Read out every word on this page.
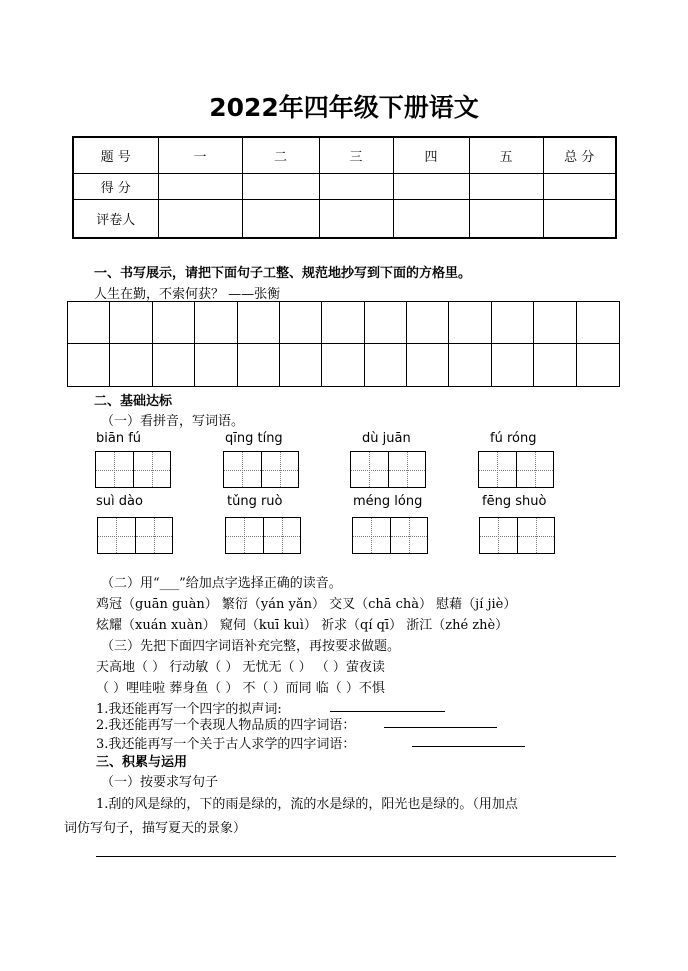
2022年四年级下册语文
题 号	一	二	三	四	五	总 分
得 分						
评卷人						
一、书写展示，请把下面句子工整、规范地抄写到下面的方格里。
人生在勤，不索何获？ ——张衡
二、基础达标
（一）看拼音，写词语。
biān fú	qīng tíng	dù juān	fú róng
suì dào	tǔng ruò	méng lóng	fēng shuò
（二）用“___”给加点字选择正确的读音。
鸡冠（guān guàn） 繁衍（yán yǎn） 交叉（chā chà） 慰藉（jí jiè）
炫耀（xuán xuàn） 窥伺（kuī kuì） 祈求（qí qī） 浙江（zhé zhè）
（三）先把下面四字词语补充完整，再按要求做题。
天高地（ ） 行动敏（ ） 无忧无（ ） （ ）萤夜读
（ ）哩哇啦 葬身鱼（ ） 不（ ）而同 临（ ）不惧
1.我还能再写一个四字的拟声词:
2.我还能再写一个表现人物品质的四字词语：
3.我还能再写一个关于古人求学的四字词语：
三、积累与运用
（一）按要求写句子
1.刮的风是绿的，下的雨是绿的，流的水是绿的，阳光也是绿的。（用加点
词仿写句子，描写夏天的景象）
